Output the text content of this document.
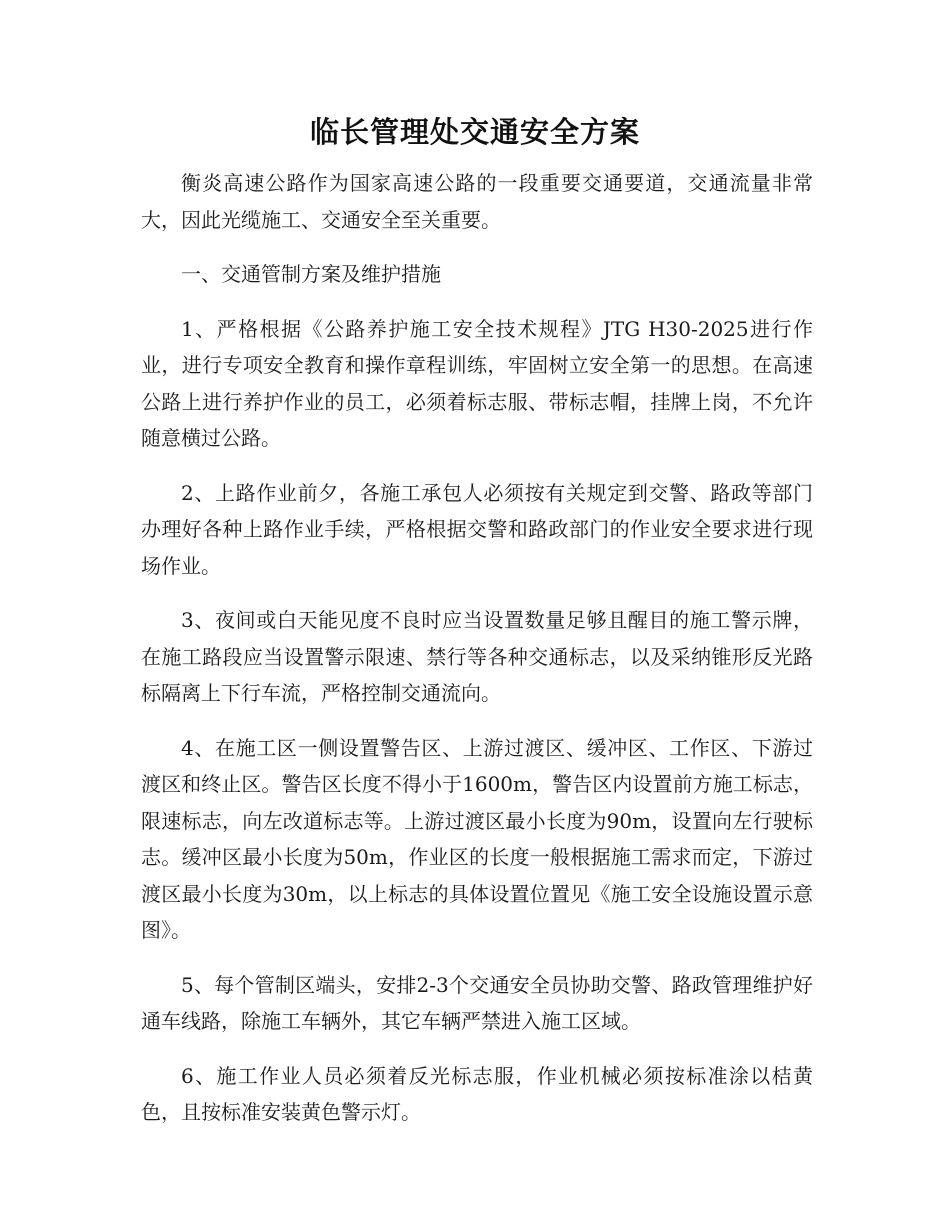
临长管理处交通安全方案

衡炎高速公路作为国家高速公路的一段重要交通要道，交通流量非常大，因此光缆施工、交通安全至关重要。

一、交通管制方案及维护措施

1、严格根据《公路养护施工安全技术规程》JTG H30-2025进行作业，进行专项安全教育和操作章程训练，牢固树立安全第一的思想。在高速公路上进行养护作业的员工，必须着标志服、带标志帽，挂牌上岗，不允许随意横过公路。

2、上路作业前夕，各施工承包人必须按有关规定到交警、路政等部门办理好各种上路作业手续，严格根据交警和路政部门的作业安全要求进行现场作业。

3、夜间或白天能见度不良时应当设置数量足够且醒目的施工警示牌，在施工路段应当设置警示限速、禁行等各种交通标志，以及采纳锥形反光路标隔离上下行车流，严格控制交通流向。

4、在施工区一侧设置警告区、上游过渡区、缓冲区、工作区、下游过渡区和终止区。警告区长度不得小于1600m，警告区内设置前方施工标志，限速标志，向左改道标志等。上游过渡区最小长度为90m，设置向左行驶标志。缓冲区最小长度为50m，作业区的长度一般根据施工需求而定，下游过渡区最小长度为30m，以上标志的具体设置位置见《施工安全设施设置示意图》。

5、每个管制区端头，安排2-3个交通安全员协助交警、路政管理维护好通车线路，除施工车辆外，其它车辆严禁进入施工区域。

6、施工作业人员必须着反光标志服，作业机械必须按标准涂以桔黄色，且按标准安装黄色警示灯。
